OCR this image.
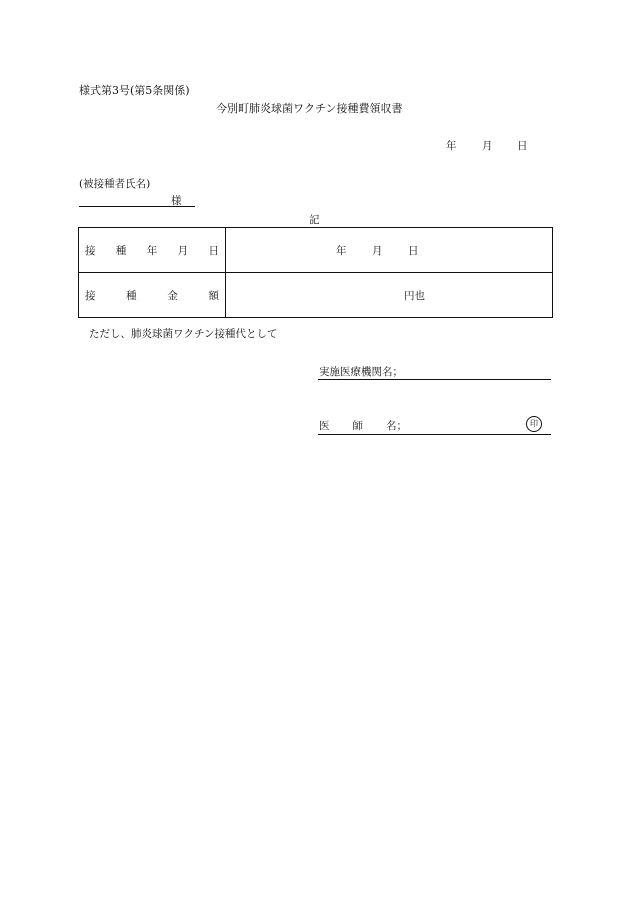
様式第3号(第5条関係)
今別町肺炎球菌ワクチン接種費領収書
年 月 日
(被接種者氏名)
様
記
接 種 年 月 日	年 月 日

接 種 金 額	円也
ただし、肺炎球菌ワクチン接種代として
実施医療機関名；
医 師 名；	印
